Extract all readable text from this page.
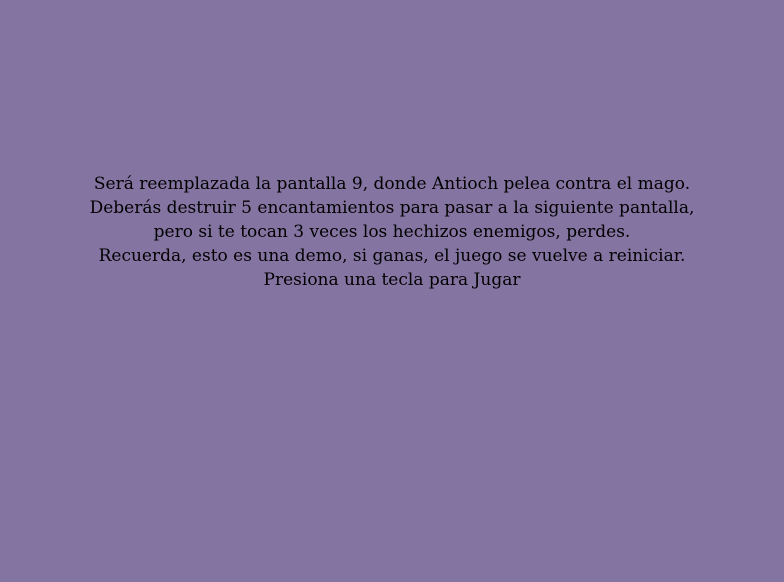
Será reemplazada la pantalla 9, donde Antioch pelea contra el mago.
Deberás destruir 5 encantamientos para pasar a la siguiente pantalla,
pero si te tocan 3 veces los hechizos enemigos, perdes.
Recuerda, esto es una demo, si ganas, el juego se vuelve a reiniciar.
Presiona una tecla para Jugar
